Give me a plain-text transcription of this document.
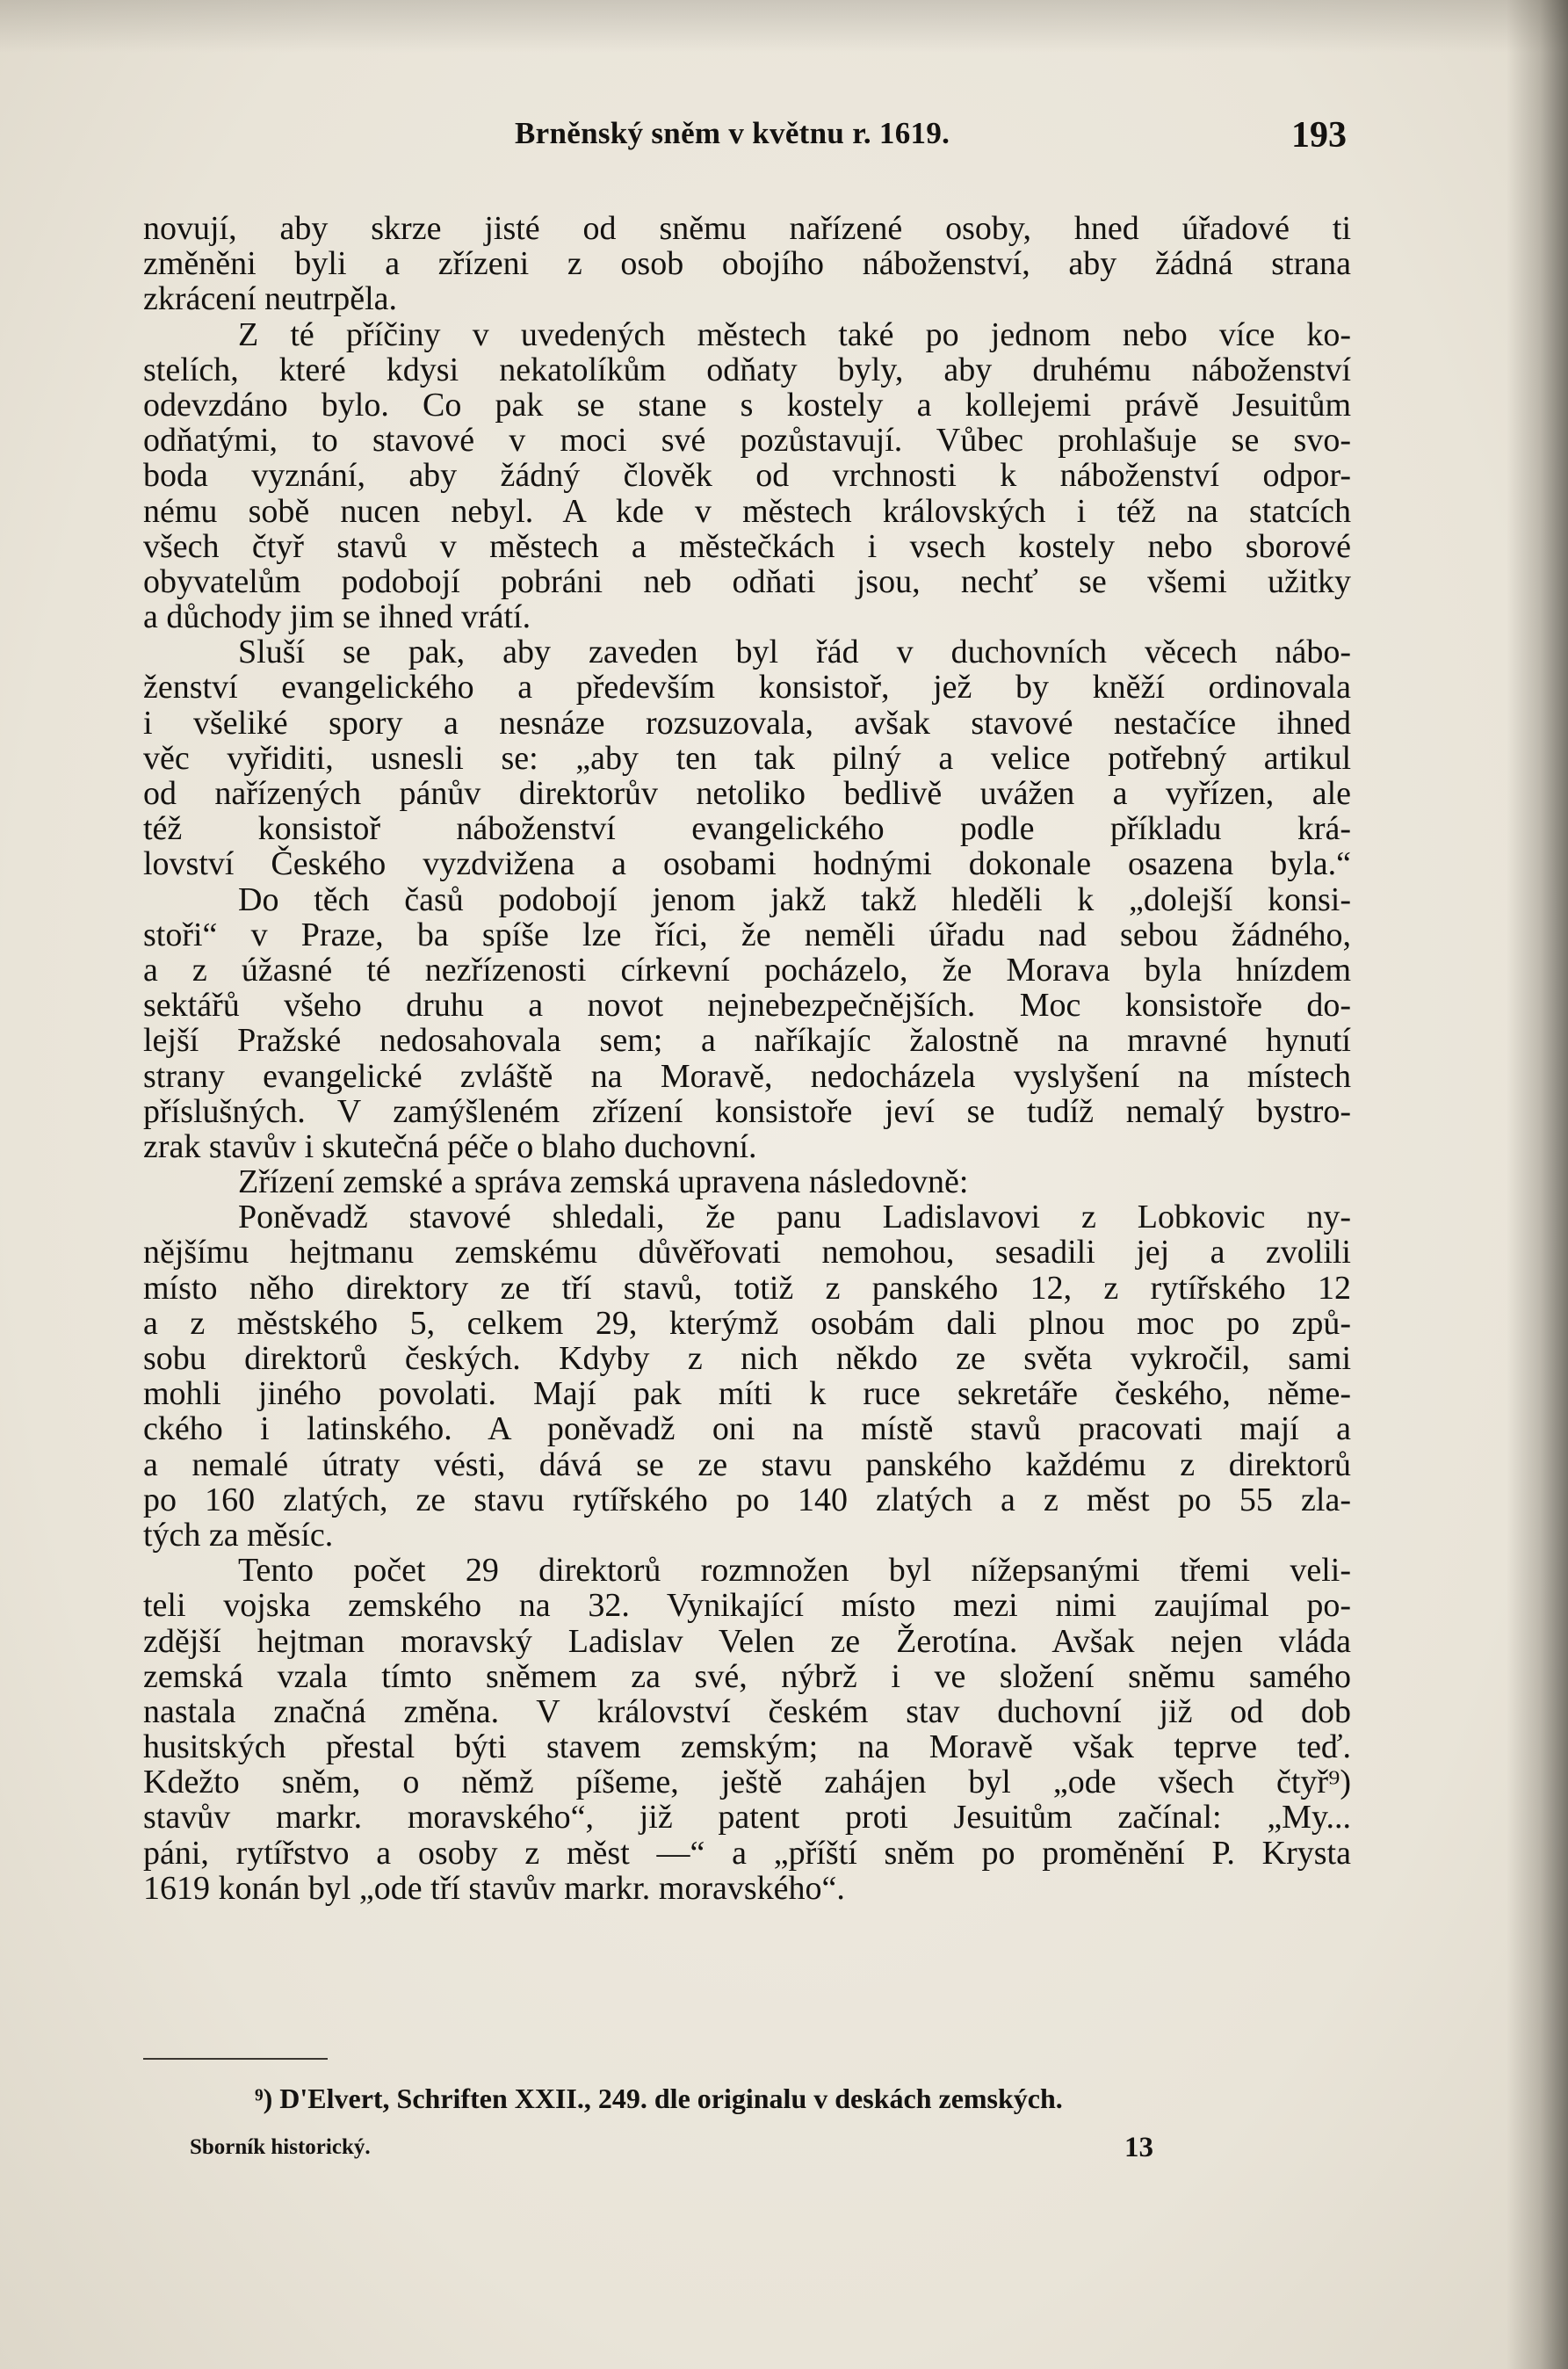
Brněnský sněm v květnu r. 1619.	193
novují, aby skrze jisté od sněmu nařízené osoby, hned úřadové ti
změněni byli a zřízeni z osob obojího náboženství, aby žádná strana
zkrácení neutrpěla.
Z té příčiny v uvedených městech také po jednom nebo více ko-
stelích, které kdysi nekatolíkům odňaty byly, aby druhému náboženství
odevzdáno bylo. Co pak se stane s kostely a kollejemi právě Jesuitům
odňatými, to stavové v moci své pozůstavují. Vůbec prohlašuje se svo-
boda vyznání, aby žádný člověk od vrchnosti k náboženství odpor-
nému sobě nucen nebyl. A kde v městech královských i též na statcích
všech čtyř stavů v městech a městečkách i vsech kostely nebo sborové
obyvatelům podobojí pobráni neb odňati jsou, nechť se všemi užitky
a důchody jim se ihned vrátí.
Sluší se pak, aby zaveden byl řád v duchovních věcech nábo-
ženství evangelického a především konsistoř, jež by kněží ordinovala
i všeliké spory a nesnáze rozsuzovala, avšak stavové nestačíce ihned
věc vyřiditi, usnesli se: „aby ten tak pilný a velice potřebný artikul
od nařízených pánův direktorův netoliko bedlivě uvážen a vyřízen, ale
též konsistoř náboženství evangelického podle příkladu krá-
lovství Českého vyzdvižena a osobami hodnými dokonale osazena byla.“
Do těch časů podobojí jenom jakž takž hleděli k „dolejší konsi-
stoři“ v Praze, ba spíše lze říci, že neměli úřadu nad sebou žádného,
a z úžasné té nezřízenosti církevní pocházelo, že Morava byla hnízdem
sektářů všeho druhu a novot nejnebezpečnějších. Moc konsistoře do-
lejší Pražské nedosahovala sem; a naříkajíc žalostně na mravné hynutí
strany evangelické zvláště na Moravě, nedocházela vyslyšení na místech
příslušných. V zamýšleném zřízení konsistoře jeví se tudíž nemalý bystro-
zrak stavův i skutečná péče o blaho duchovní.
Zřízení zemské a správa zemská upravena následovně:
Poněvadž stavové shledali, že panu Ladislavovi z Lobkovic ny-
nějšímu hejtmanu zemskému důvěřovati nemohou, sesadili jej a zvolili
místo něho direktory ze tří stavů, totiž z panského 12, z rytířského 12
a z městského 5, celkem 29, kterýmž osobám dali plnou moc po způ-
sobu direktorů českých. Kdyby z nich někdo ze světa vykročil, sami
mohli jiného povolati. Mají pak míti k ruce sekretáře českého, něme-
ckého i latinského. A poněvadž oni na místě stavů pracovati mají a
a nemalé útraty vésti, dává se ze stavu panského každému z direktorů
po 160 zlatých, ze stavu rytířského po 140 zlatých a z měst po 55 zla-
tých za měsíc.
Tento počet 29 direktorů rozmnožen byl nížepsanými třemi veli-
teli vojska zemského na 32. Vynikající místo mezi nimi zaujímal po-
zdější hejtman moravský Ladislav Velen ze Žerotína. Avšak nejen vláda
zemská vzala tímto sněmem za své, nýbrž i ve složení sněmu samého
nastala značná změna. V království českém stav duchovní již od dob
husitských přestal býti stavem zemským; na Moravě však teprve teď.
Kdežto sněm, o němž píšeme, ještě zahájen byl „ode všech čtyř⁹)
stavův markr. moravského“, již patent proti Jesuitům začínal: „My...
páni, rytířstvo a osoby z měst —“ a „příští sněm po proměnění P. Krysta
1619 konán byl „ode tří stavův markr. moravského“.
⁹) D'Elvert, Schriften XXII., 249. dle originalu v deskách zemských.
Sborník historický.	13
